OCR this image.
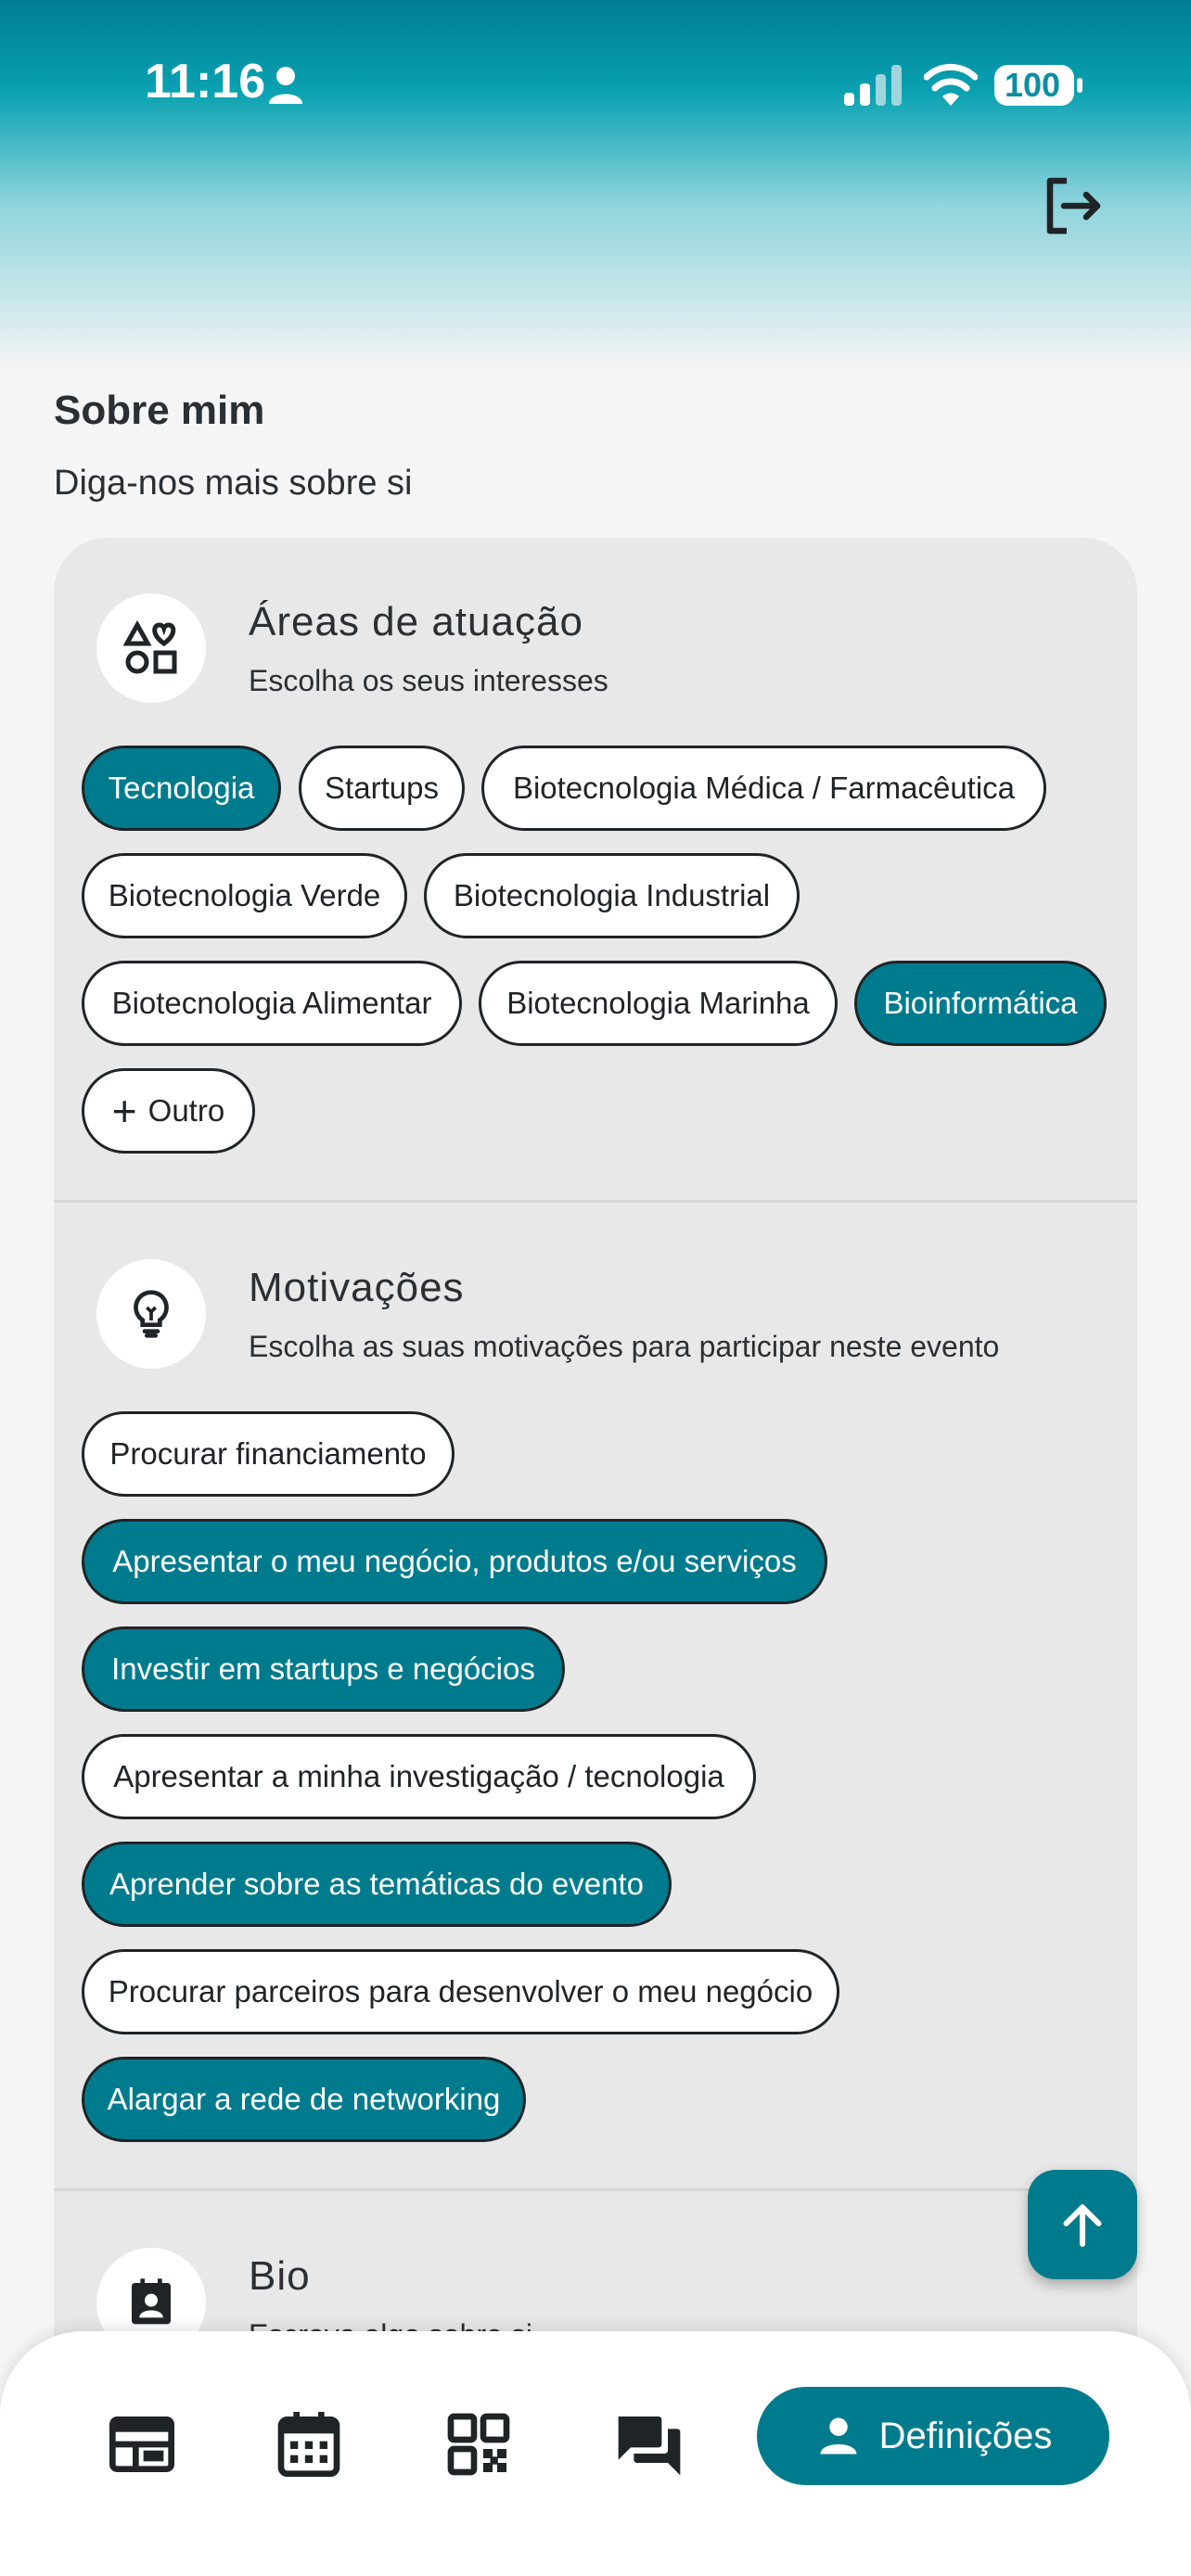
11:16	100
Sobre mim
Diga-nos mais sobre si
Áreas de atuação
Escolha os seus interesses
Tecnologia	Startups	Biotecnologia Médica / Farmacêutica
Biotecnologia Verde	Biotecnologia Industrial
Biotecnologia Alimentar	Biotecnologia Marinha	Bioinformática
+ Outro
Motivações
Escolha as suas motivações para participar neste evento
Procurar financiamento
Apresentar o meu negócio, produtos e/ou serviços
Investir em startups e negócios
Apresentar a minha investigação / tecnologia
Aprender sobre as temáticas do evento
Procurar parceiros para desenvolver o meu negócio
Alargar a rede de networking
Bio
Definições
